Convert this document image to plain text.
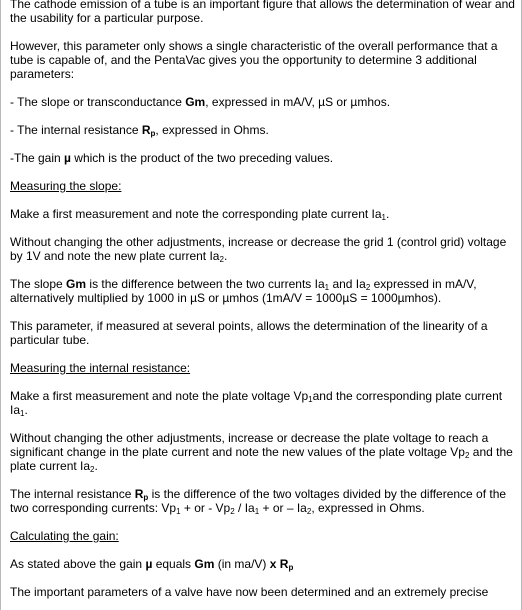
The cathode emission of a tube is an important figure that allows the determination of wear and the usability for a particular purpose.

However, this parameter only shows a single characteristic of the overall performance that a tube is capable of, and the PentaVac gives you the opportunity to determine 3 additional parameters:

- The slope or transconductance Gm, expressed in mA/V, µS or µmhos.

- The internal resistance $R_p$, expressed in Ohms.

-The gain µ which is the product of the two preceding values.

Measuring the slope:

Make a first measurement and note the corresponding plate current $Ia_1$.

Without changing the other adjustments, increase or decrease the grid 1 (control grid) voltage by 1V and note the new plate current $Ia_2$.

The slope Gm is the difference between the two currents $Ia_1$ and $Ia_2$ expressed in mA/V, alternatively multiplied by 1000 in µS or µmhos (1mA/V = 1000µS = 1000µmhos).

This parameter, if measured at several points, allows the determination of the linearity of a particular tube.

Measuring the internal resistance:

Make a first measurement and note the plate voltage $Vp_1and$ the corresponding plate current $Ia_1$.

Without changing the other adjustments, increase or decrease the plate voltage to reach a significant change in the plate current and note the new values of the plate voltage $Vp_2$ and the plate current $Ia_2$.

The internal resistance $R_p$ is the difference of the two voltages divided by the difference of the two corresponding currents: $Vp_1$ + or - $Vp_2 / Ia_1$ + or – $Ia_2$, expressed in Ohms.

Calculating the gain:

As stated above the gain µ equals Gm (in ma/V) x $R_p$

The important parameters of a valve have now been determined and an extremely precise
